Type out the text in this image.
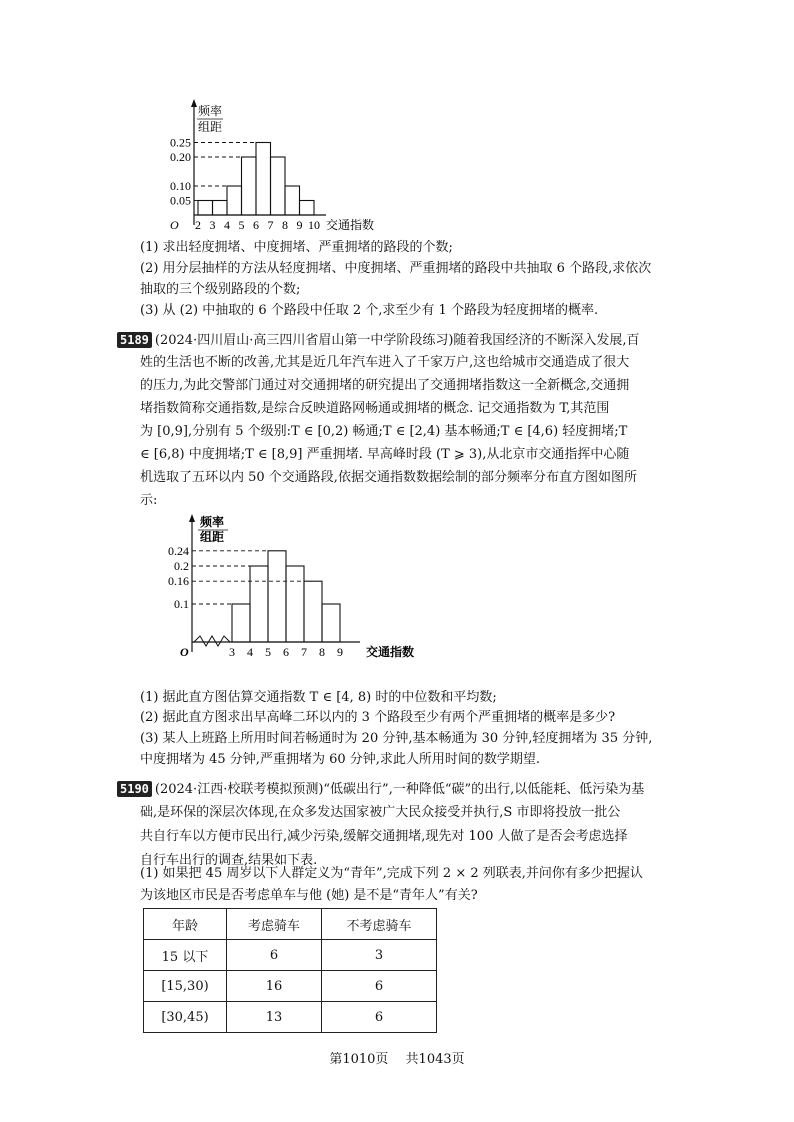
频率
组距
O	交通指数
0.25
0.20
0.10
0.05
2 3 4 5 6 7 8 9 10
(1) 求出轻度拥堵、中度拥堵、严重拥堵的路段的个数;
(2) 用分层抽样的方法从轻度拥堵、中度拥堵、严重拥堵的路段中共抽取 6 个路段,求依次
抽取的三个级别路段的个数;
(3) 从 (2) 中抽取的 6 个路段中任取 2 个,求至少有 1 个路段为轻度拥堵的概率.
5189 (2024·四川眉山·高三四川省眉山第一中学阶段练习)随着我国经济的不断深入发展,百
姓的生活也不断的改善,尤其是近几年汽车进入了千家万户,这也给城市交通造成了很大
的压力,为此交警部门通过对交通拥堵的研究提出了交通拥堵指数这一全新概念,交通拥
堵指数简称交通指数,是综合反映道路网畅通或拥堵的概念. 记交通指数为 T,其范围
为 [0,9],分别有 5 个级别:T ∈ [0,2) 畅通;T ∈ [2,4) 基本畅通;T ∈ [4,6) 轻度拥堵;T
∈ [6,8) 中度拥堵;T ∈ [8,9] 严重拥堵. 早高峰时段 (T ⩾ 3),从北京市交通指挥中心随
机选取了五环以内 50 个交通路段,依据交通指数数据绘制的部分频率分布直方图如图所
示:
频率
组距
O	交通指数
0.24
0.2
0.16
0.1
3 4 5 6 7 8 9
(1) 据此直方图估算交通指数 T ∈ [4, 8) 时的中位数和平均数;
(2) 据此直方图求出早高峰二环以内的 3 个路段至少有两个严重拥堵的概率是多少?
(3) 某人上班路上所用时间若畅通时为 20 分钟,基本畅通为 30 分钟,轻度拥堵为 35 分钟,
中度拥堵为 45 分钟,严重拥堵为 60 分钟,求此人所用时间的数学期望.
5190 (2024·江西·校联考模拟预测)“低碳出行”,一种降低“碳”的出行,以低能耗、低污染为基
础,是环保的深层次体现,在众多发达国家被广大民众接受并执行,S 市即将投放一批公
共自行车以方便市民出行,减少污染,缓解交通拥堵,现先对 100 人做了是否会考虑选择
自行车出行的调查,结果如下表.
(1) 如果把 45 周岁以下人群定义为“青年”,完成下列 2 × 2 列联表,并问你有多少把握认
为该地区市民是否考虑单车与他 (她) 是不是“青年人”有关?
年龄	考虑骑车	不考虑骑车
15 以下	6	3
[15,30)	16	6
[30,45)	13	6
第1010页　 共1043页
